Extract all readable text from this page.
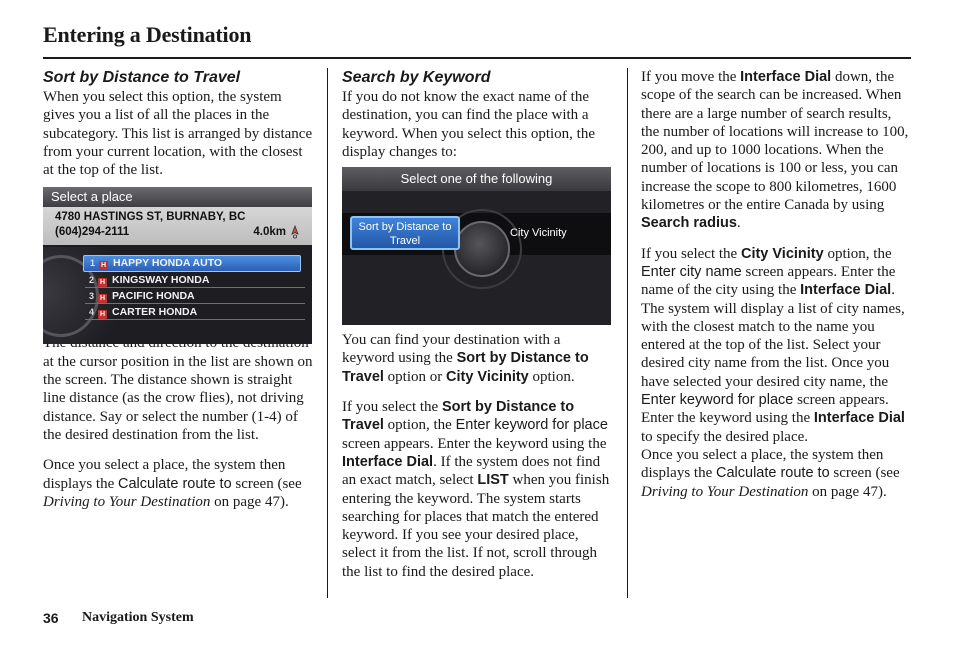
Entering a Destination
Sort by Distance to Travel

When you select this option, the system gives you a list of all the places in the subcategory. This list is arranged by distance from your current location, with the closest at the top of the list.

at the cursor position in the list are shown on the screen. The distance shown is straight line distance (as the crow flies), not driving distance. Say or select the number (1-4) of the desired destination from the list.

Once you select a place, the system then displays the Calculate route to screen (see Driving to Your Destination on page 47).

Select a place
4780 HASTINGS ST, BURNABY, BC
(604)294-2111	4.0km
1 H HAPPY HONDA AUTO
2 H KINGSWAY HONDA
3 H PACIFIC HONDA
4 H CARTER HONDA
Search by Keyword

If you do not know the exact name of the destination, you can find the place with a keyword. When you select this option, the display changes to:

You can find your destination with a keyword using the Sort by Distance to Travel option or City Vicinity option.

If you select the Sort by Distance to Travel option, the Enter keyword for place screen appears. Enter the keyword using the Interface Dial. If the system does not find an exact match, select LIST when you finish entering the keyword. The system starts searching for places that match the entered keyword. If you see your desired place, select it from the list. If not, scroll through the list to find the desired place.

Select one of the following
Sort by Distance to Travel
City Vicinity

If you move the Interface Dial down, the scope of the search can be increased. When there are a large number of search results, the number of locations will increase to 100, 200, and up to 1000 locations. When the number of locations is 100 or less, you can increase the scope to 800 kilometres, 1600 kilometres or the entire Canada by using Search radius.

If you select the City Vicinity option, the Enter city name screen appears. Enter the name of the city using the Interface Dial. The system will display a list of city names, with the closest match to the name you entered at the top of the list. Select your desired city name from the list. Once you have selected your desired city name, the Enter keyword for place screen appears. Enter the keyword using the Interface Dial to specify the desired place.

Once you select a place, the system then displays the Calculate route to screen (see Driving to Your Destination on page 47).

36 Navigation System
